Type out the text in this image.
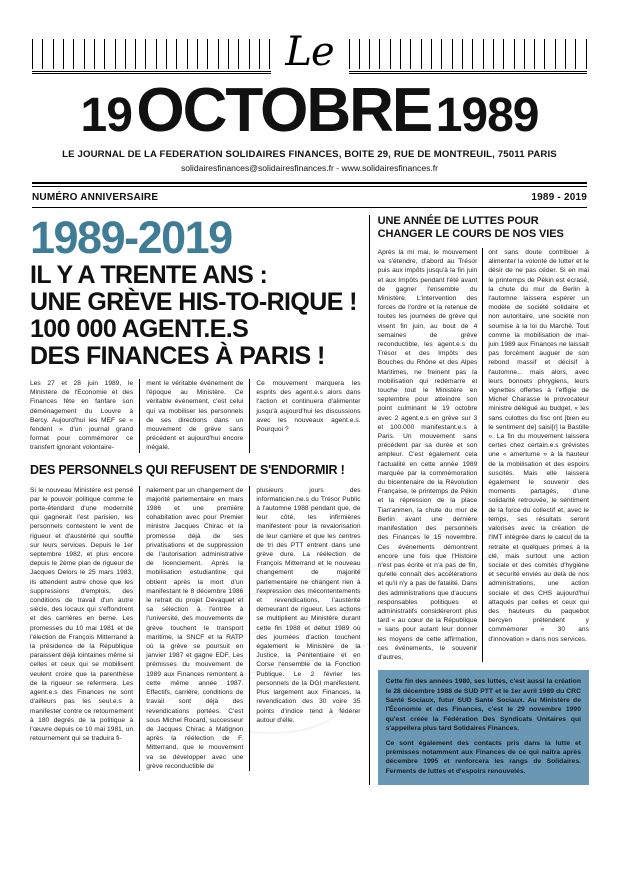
Le
19 OCTOBRE 1989
LE JOURNAL DE LA FEDERATION SOLIDAIRES FINANCES, BOITE 29, RUE DE MONTREUIL, 75011 PARIS
solidairesfinances@solidairesfinances.fr - www.solidairesfinances.fr
NUMÉRO ANNIVERSAIRE	1989 - 2019
1989-2019
IL Y A TRENTE ANS :
UNE GRÈVE HIS-TO-RIQUE !
100 000 AGENT.E.S
DES FINANCES À PARIS !

Les 27 et 28 juin 1989, le Ministère de l'Economie et des Finances fête en fanfare son déménagement du Louvre à Bercy. Aujourd'hui les MEF se « fendent » d'un journal grand format pour commémorer ce transfert ignorant volontaire-

ment le véritable événement de l'époque au Ministère. Ce véritable événement, c'est celui qui va mobiliser les personnels de ses directions dans un mouvement de grève sans précédent et aujourd'hui encore inégalé.

Ce mouvement marquera les esprits des agent.e.s alors dans l'action et continuera d'alimenter jusqu'à aujourd'hui les discussions avec les nouveaux agent.e.s. Pourquoi ?

DES PERSONNELS QUI REFUSENT DE S'ENDORMIR !

Si le nouveau Ministère est pensé par le pouvoir politique comme le porte-étendard d'une modernité qui gagnerait l'est parisien, les personnels contestent le vent de rigueur et d'austérité qui souffle sur leurs services. Depuis le 1er septembre 1982, et plus encore depuis le 2ème plan de rigueur de Jacques Delors le 25 mars 1983, ils attendent autre chose que les suppressions d'emplois, des conditions de travail d'un autre siècle, des locaux qui s'effondrent et des carrières en berne. Les promesses du 10 mai 1981 et de l'élection de François Mitterrand à la présidence de la République paraissent déjà lointaines même si celles et ceux qui se mobilisent veulent croire que la parenthèse de la rigueur se refermera. Les agent.e.s des Finances ne sont d'ailleurs pas les seul.e.s à manifester contre ce retournement à 180 degrés de la politique à l'œuvre depuis ce 10 mai 1981, un retournement qui se traduira fi-

nalement par un changement de majorité parlementaire en mars 1986 et une première cohabitation avec pour Premier ministre Jacques Chirac et la promesse déjà de ses privatisations et de suppression de l'autorisation administrative de licenciement. Après la mobilisation estudiantine qui obtient après la mort d'un manifestant le 8 décembre 1986 le retrait du projet Devaquet et sa sélection à l'entrée à l'université, des mouvements de grève touchent le transport maritime, la SNCF et la RATP où la grève se poursuit en janvier 1987 et gagne EDF. Les prémisses du mouvement de 1989 aux Finances remontent à cette même année 1987. Effectifs, carrière, conditions de travail sont déjà des revendications portées. C'est sous Michel Rocard, successeur de Jacques Chirac à Matignon après la réélection de F. Mitterrand, que le mouvement va se développer avec une grève reconductible de

plusieurs jours des informaticien.ne.s du Trésor Public à l'automne 1988 pendant que, de leur côté, les infirmières manifestent pour la revalorisation de leur carrière et que les centres de tri des PTT entrent dans une grève dure. La réélection de François Mitterrand et le nouveau changement de majorité parlementaire ne changent rien à l'expression des mécontentements et revendications, l'austérité demeurant de rigueur. Les actions se multiplient au Ministère durant cette fin 1988 et début 1989 où des journées d'action touchent également le Ministère de la Justice, la Pénitentiaire et en Corse l'ensemble de la Fonction Publique. Le 2 février les personnels de la DGI manifestent. Plus largement aux Finances, la revendication des 30 voire 35 points d'indice tend à fédérer autour d'elle.

UNE ANNÉE DE LUTTES POUR CHANGER LE COURS DE NOS VIES

Après la mi mai, le mouvement va s'étendre, d'abord au Trésor puis aux impôts jusqu'à la fin juin et aux Impôts pendant l'été avant de gagner l'ensemble du Ministère. L'intervention des forces de l'ordre et la retenue de toutes les journées de grève qui visent fin juin, au bout de 4 semaines de grève reconductible, les agent.e.s du Trésor et des Impôts des Bouches du Rhône et des Alpes Maritimes, ne freinent pas la mobilisation qui redémarre et touche tout le Ministère en septembre pour atteindre son point culminant le 19 octobre avec 2 agent.e.s en grève sur 3 et 100.000 manifestant.e.s à Paris. Un mouvement sans précédent par sa durée et son ampleur. C'est également cela l'actualité en cette année 1989 marquée par la commémoration du bicentenaire de la Révolution Française, le printemps de Pékin et la répression de la place Tian'anmen, la chute du mur de Berlin avant une dernière manifestation des personnels des Finances le 15 novembre. Ces événements démontrent encore une fois que l'Histoire n'est pas écrite et n'a pas de fin, qu'elle connaît des accélérations et qu'il n'y a pas de fatalité. Dans des administrations que d'aucuns responsables politiques et administratifs considéreront plus tard « au cœur de la République » sans pour autant leur donner les moyens de cette affirmation, ces événements, le souvenir d'autres,

ont sans doute contribuer à alimenter la volonté de lutter et le désir de ne pas céder. Si en mai le printemps de Pékin est écrasé, la chute du mur de Berlin à l'automne laissera espérer un modèle de société solidaire et non autoritaire, une société non soumise à la loi du Marché. Tout comme la mobilisation de mai-juin 1989 aux Finances ne laissait pas forcément auguer de son rebond massif et décisif à l'automne... mais alors, avec leurs bonnets phrygiens, leurs vignettes offertes à l'effigie de Michel Charasse le provocateur ministre délégué au budget, « les sans culottes du fisc ont [bien eu le sentiment de] saisi[r] la Bastille ». La fin du mouvement laissera certes chez certain.e.s grévistes une « amertume » à la hauteur de la mobilisation et des espoirs suscités. Mais elle laissera également le souvenir des moments partagés, d'une solidarité retrouvée, le sentiment de la force du collectif et, avec le temps, ses résultats seront valorisés avec la création de l'IMT intégrée dans le calcul de la retraite et quelques primes à la clé, mais surtout une action sociale et des comités d'hygiène et sécurité enviés au delà de nos administrations, une action sociale et des CHS aujourd'hui attaqués par celles et ceux qui des hauteurs du paquebot bercyen prétendent y commémorer « 30 ans d'innovation » dans nos services.

Cette fin des années 1980, ses luttes, c'est aussi la création le 28 décembre 1988 de SUD PTT et le 1er avril 1989 du CRC Santé Sociaux, futur SUD Santé Sociaux. Au Ministère de l'Économie et des Finances, c'est le 29 novembre 1990 qu'est créée la Fédération Des Syndicats Unitaires qui s'appellera plus tard Solidaires Finances.

Ce sont également des contacts pris dans la lutte et prémisses notamment aux Finances de ce qui naîtra après décembre 1995 et renforcera les rangs de Solidaires. Ferments de luttes et d'espoirs renouvelés.
